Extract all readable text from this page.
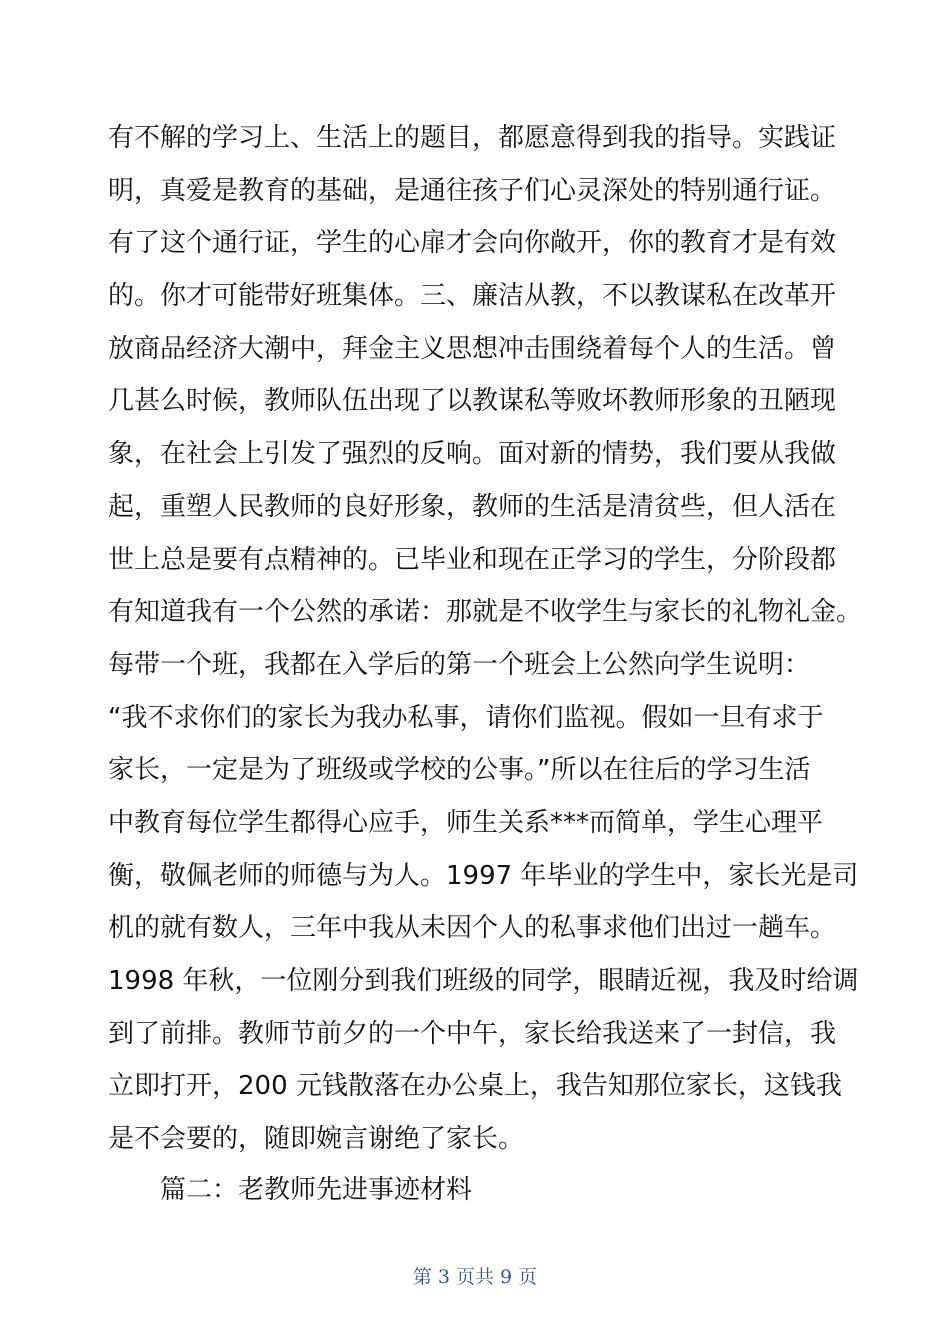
有不解的学习上、生活上的题目，都愿意得到我的指导。实践证
明，真爱是教育的基础，是通往孩子们心灵深处的特别通行证。
有了这个通行证，学生的心扉才会向你敞开，你的教育才是有效
的。你才可能带好班集体。三、廉洁从教，不以教谋私在改革开
放商品经济大潮中，拜金主义思想冲击围绕着每个人的生活。曾
几甚么时候，教师队伍出现了以教谋私等败坏教师形象的丑陋现
象，在社会上引发了强烈的反响。面对新的情势，我们要从我做
起，重塑人民教师的良好形象，教师的生活是清贫些，但人活在
世上总是要有点精神的。已毕业和现在正学习的学生，分阶段都
有知道我有一个公然的承诺：那就是不收学生与家长的礼物礼金。
每带一个班，我都在入学后的第一个班会上公然向学生说明：
“我不求你们的家长为我办私事，请你们监视。假如一旦有求于
家长，一定是为了班级或学校的公事。”所以在往后的学习生活
中教育每位学生都得心应手，师生关系***而简单，学生心理平
衡，敬佩老师的师德与为人。1997 年毕业的学生中，家长光是司
机的就有数人，三年中我从未因个人的私事求他们出过一趟车。
1998 年秋，一位刚分到我们班级的同学，眼睛近视，我及时给调
到了前排。教师节前夕的一个中午，家长给我送来了一封信，我
立即打开，200 元钱散落在办公桌上，我告知那位家长，这钱我
是不会要的，随即婉言谢绝了家长。
篇二：老教师先进事迹材料
第 3 页共 9 页
